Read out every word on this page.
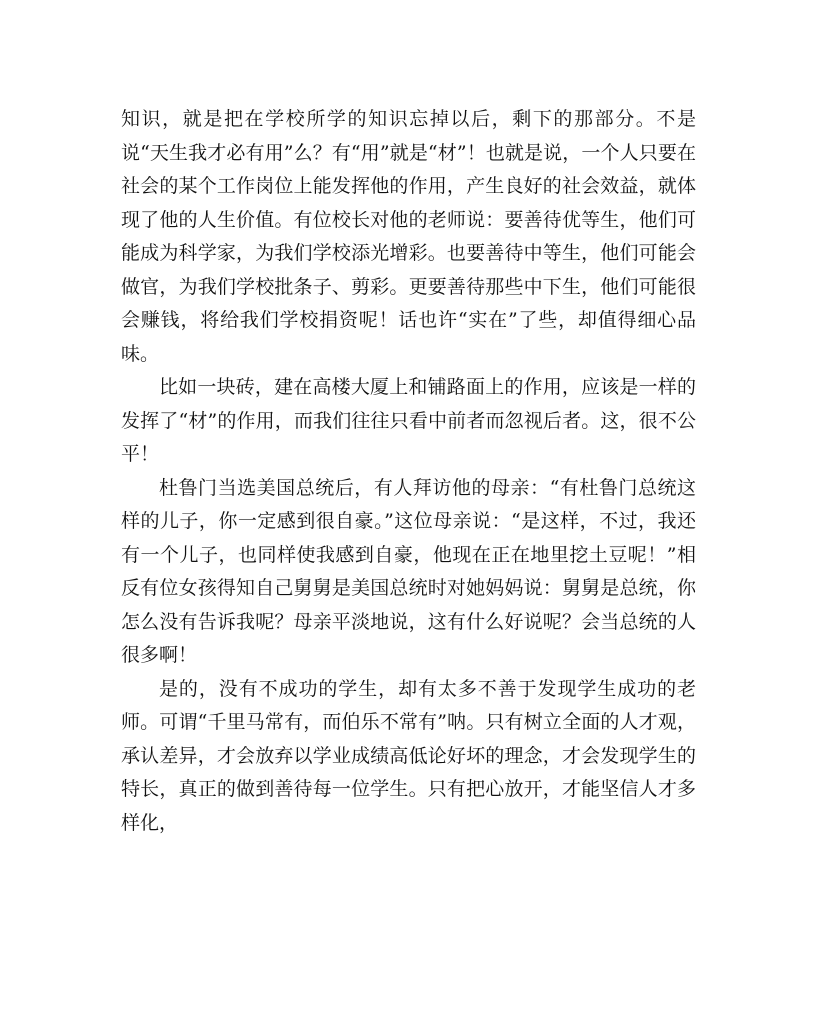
知识，就是把在学校所学的知识忘掉以后，剩下的那部分。不是说“天生我才必有用”么？有“用”就是“材”！也就是说，一个人只要在社会的某个工作岗位上能发挥他的作用，产生良好的社会效益，就体现了他的人生价值。有位校长对他的老师说：要善待优等生，他们可能成为科学家，为我们学校添光增彩。也要善待中等生，他们可能会做官，为我们学校批条子、剪彩。更要善待那些中下生，他们可能很会赚钱，将给我们学校捐资呢！话也许“实在”了些，却值得细心品味。

比如一块砖，建在高楼大厦上和铺路面上的作用，应该是一样的发挥了“材”的作用，而我们往往只看中前者而忽视后者。这，很不公平！

杜鲁门当选美国总统后，有人拜访他的母亲：“有杜鲁门总统这样的儿子，你一定感到很自豪。”这位母亲说：“是这样，不过，我还有一个儿子，也同样使我感到自豪，他现在正在地里挖土豆呢！”相反有位女孩得知自己舅舅是美国总统时对她妈妈说：舅舅是总统，你怎么没有告诉我呢？母亲平淡地说，这有什么好说呢？会当总统的人很多啊！

是的，没有不成功的学生，却有太多不善于发现学生成功的老师。可谓“千里马常有，而伯乐不常有”呐。只有树立全面的人才观，承认差异，才会放弃以学业成绩高低论好坏的理念，才会发现学生的特长，真正的做到善待每一位学生。只有把心放开，才能坚信人才多样化，
